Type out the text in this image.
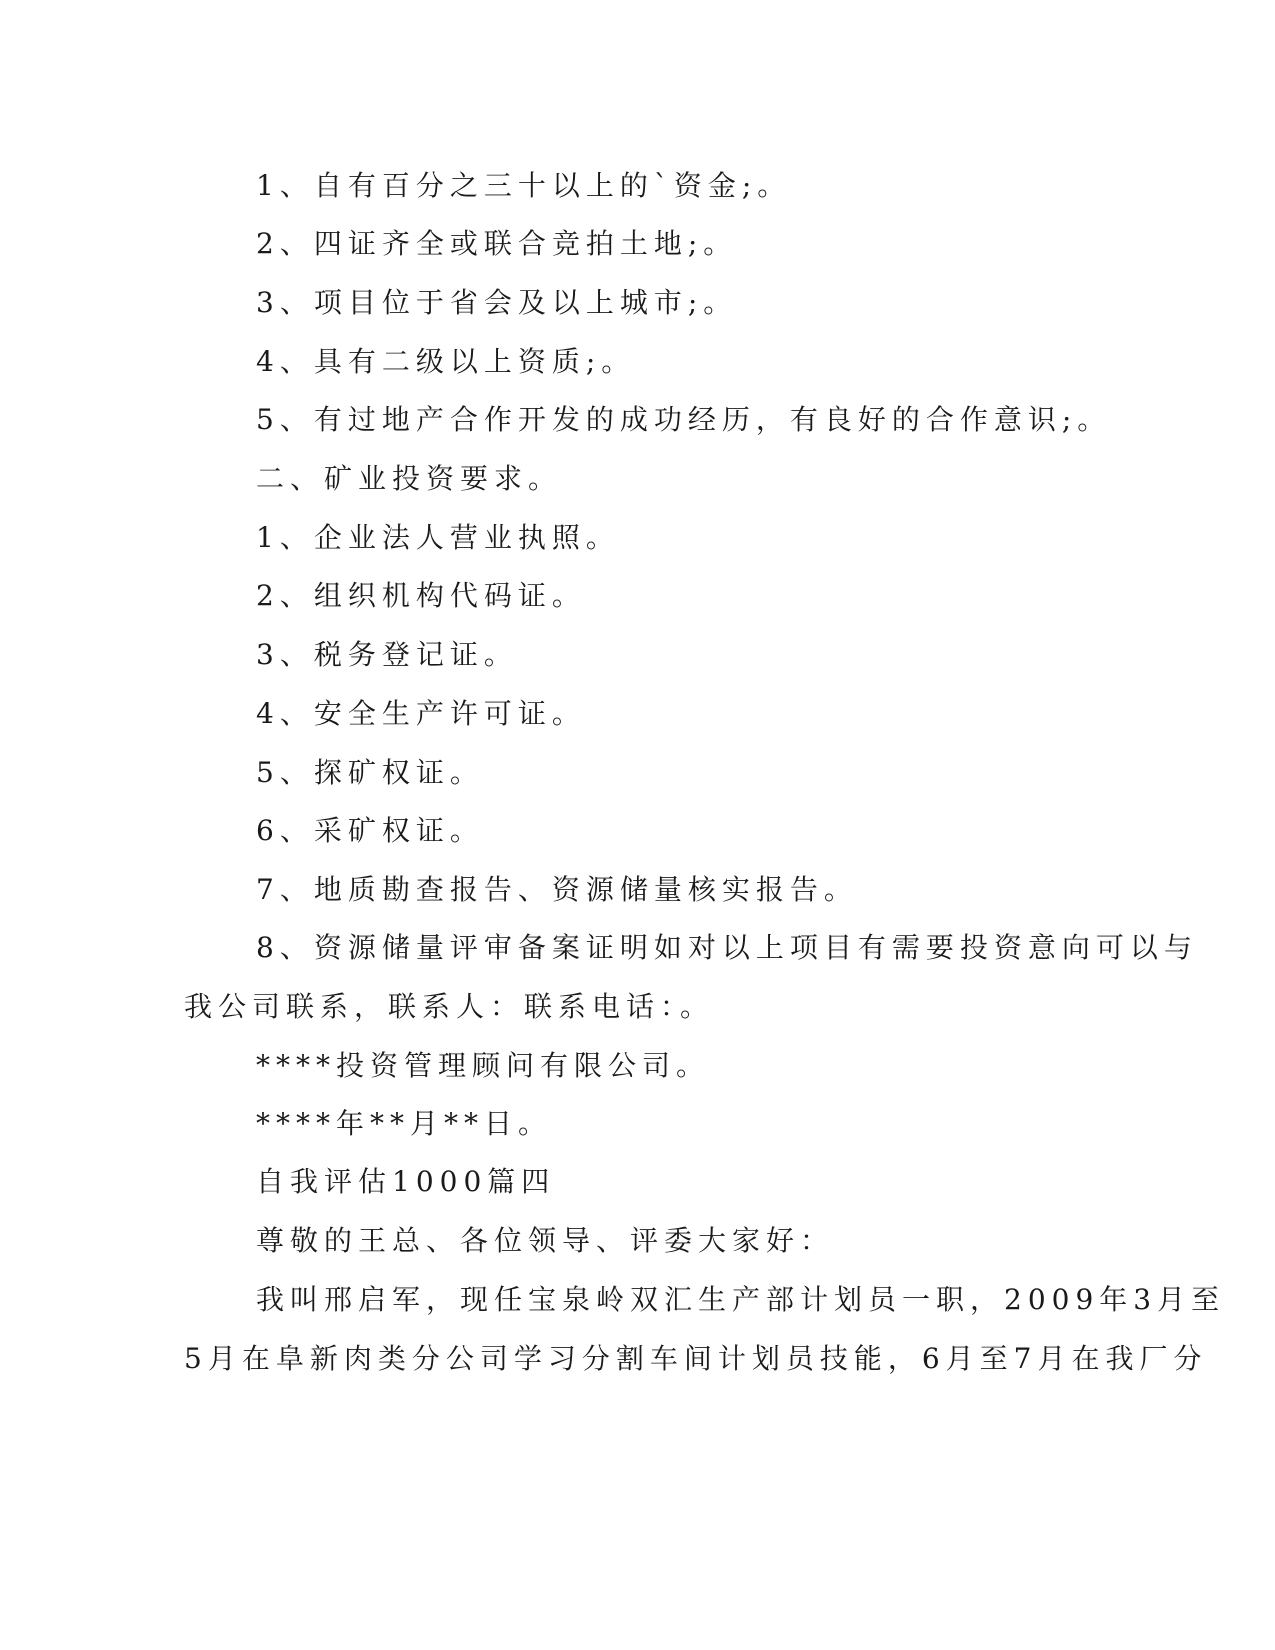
1、自有百分之三十以上的`资金;。
2、四证齐全或联合竞拍土地;。
3、项目位于省会及以上城市;。
4、具有二级以上资质;。
5、有过地产合作开发的成功经历，有良好的合作意识;。
二、矿业投资要求。
1、企业法人营业执照。
2、组织机构代码证。
3、税务登记证。
4、安全生产许可证。
5、探矿权证。
6、采矿权证。
7、地质勘查报告、资源储量核实报告。
8、资源储量评审备案证明如对以上项目有需要投资意向可以与
我公司联系，联系人：联系电话：。
****投资管理顾问有限公司。
****年**月**日。
自我评估1000篇四
尊敬的王总、各位领导、评委大家好：
我叫邢启军，现任宝泉岭双汇生产部计划员一职，2009年3月至
5月在阜新肉类分公司学习分割车间计划员技能，6月至7月在我厂分
